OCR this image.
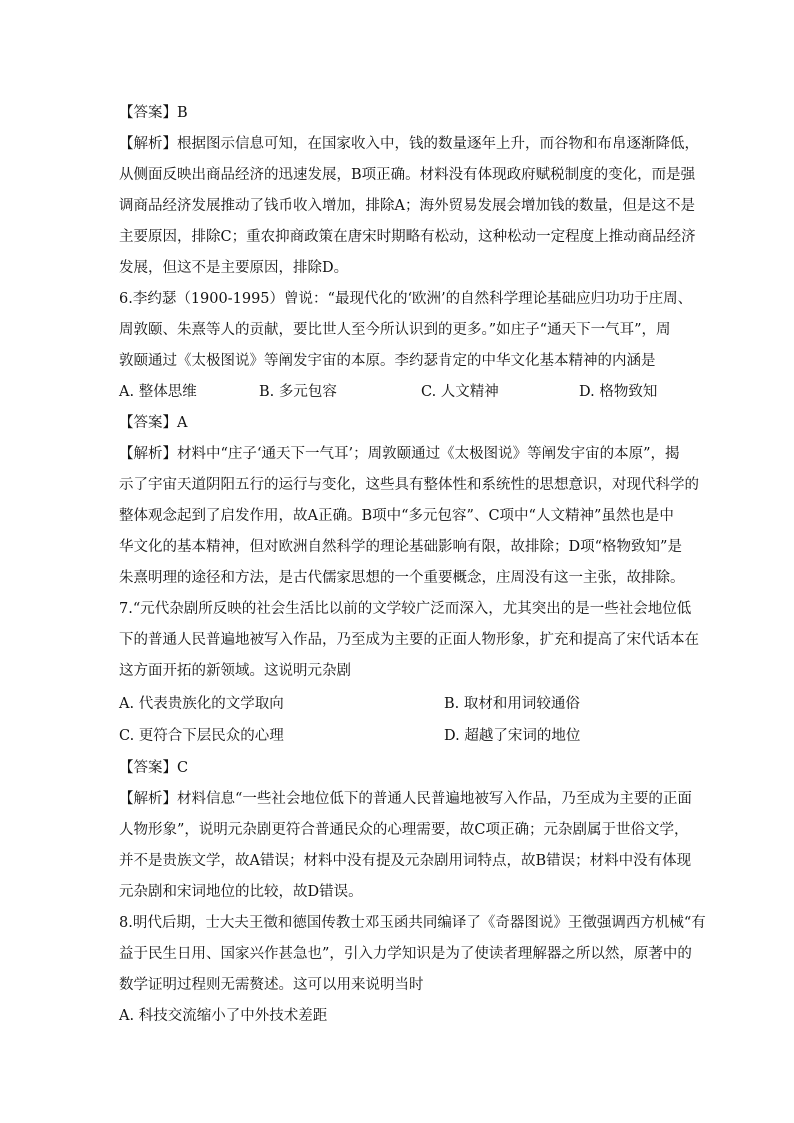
【答案】B
【解析】根据图示信息可知，在国家收入中，钱的数量逐年上升，而谷物和布帛逐渐降低，
从侧面反映出商品经济的迅速发展，B项正确。材料没有体现政府赋税制度的变化，而是强
调商品经济发展推动了钱币收入增加，排除A；海外贸易发展会增加钱的数量，但是这不是
主要原因，排除C；重农抑商政策在唐宋时期略有松动，这种松动一定程度上推动商品经济
发展，但这不是主要原因，排除D。
6.李约瑟（1900-1995）曾说：“最现代化的‘欧洲’的自然科学理论基础应归功功于庄周、
周敦颐、朱熹等人的贡献，要比世人至今所认识到的更多。”如庄子“通天下一气耳”，周
敦颐通过《太极图说》等阐发宇宙的本原。李约瑟肯定的中华文化基本精神的内涵是
A. 整体思维	B. 多元包容	C. 人文精神	D. 格物致知
【答案】A
【解析】材料中“庄子‘通天下一气耳’；周敦颐通过《太极图说》等阐发宇宙的本原”，揭
示了宇宙天道阴阳五行的运行与变化，这些具有整体性和系统性的思想意识，对现代科学的
整体观念起到了启发作用，故A正确。B项中“多元包容”、C项中“人文精神”虽然也是中
华文化的基本精神，但对欧洲自然科学的理论基础影响有限，故排除；D项“格物致知”是
朱熹明理的途径和方法，是古代儒家思想的一个重要概念，庄周没有这一主张，故排除。
7.“元代杂剧所反映的社会生活比以前的文学较广泛而深入，尤其突出的是一些社会地位低
下的普通人民普遍地被写入作品，乃至成为主要的正面人物形象，扩充和提高了宋代话本在
这方面开拓的新领域。这说明元杂剧
A. 代表贵族化的文学取向	B. 取材和用词较通俗
C. 更符合下层民众的心理	D. 超越了宋词的地位
【答案】C
【解析】材料信息“一些社会地位低下的普通人民普遍地被写入作品，乃至成为主要的正面
人物形象”，说明元杂剧更符合普通民众的心理需要，故C项正确；元杂剧属于世俗文学，
并不是贵族文学，故A错误；材料中没有提及元杂剧用词特点，故B错误；材料中没有体现
元杂剧和宋词地位的比较，故D错误。
8.明代后期，士大夫王徵和德国传教士邓玉函共同编译了《奇器图说》王徵强调西方机械“有
益于民生日用、国家兴作甚急也”，引入力学知识是为了使读者理解器之所以然，原著中的
数学证明过程则无需赘述。这可以用来说明当时
A. 科技交流缩小了中外技术差距
